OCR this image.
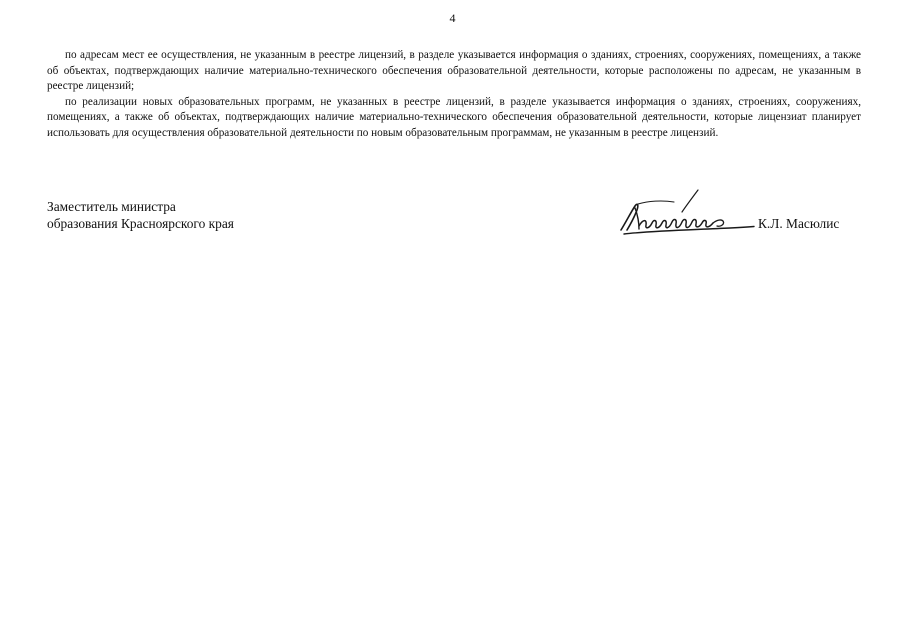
4

по адресам мест ее осуществления, не указанным в реестре лицензий, в разделе указывается информация о зданиях, строениях, сооружениях, помещениях, а также об объектах, подтверждающих наличие материально-технического обеспечения образовательной деятельности, которые расположены по адресам, не указанным в реестре лицензий;

по реализации новых образовательных программ, не указанных в реестре лицензий, в разделе указывается информация о зданиях, строениях, сооружениях, помещениях, а также об объектах, подтверждающих наличие материально-технического обеспечения образовательной деятельности, которые лицензиат планирует использовать для осуществления образовательной деятельности по новым образовательным программам, не указанным в реестре лицензий.

Заместитель министра
образования Красноярского края	К.Л. Масюлис
